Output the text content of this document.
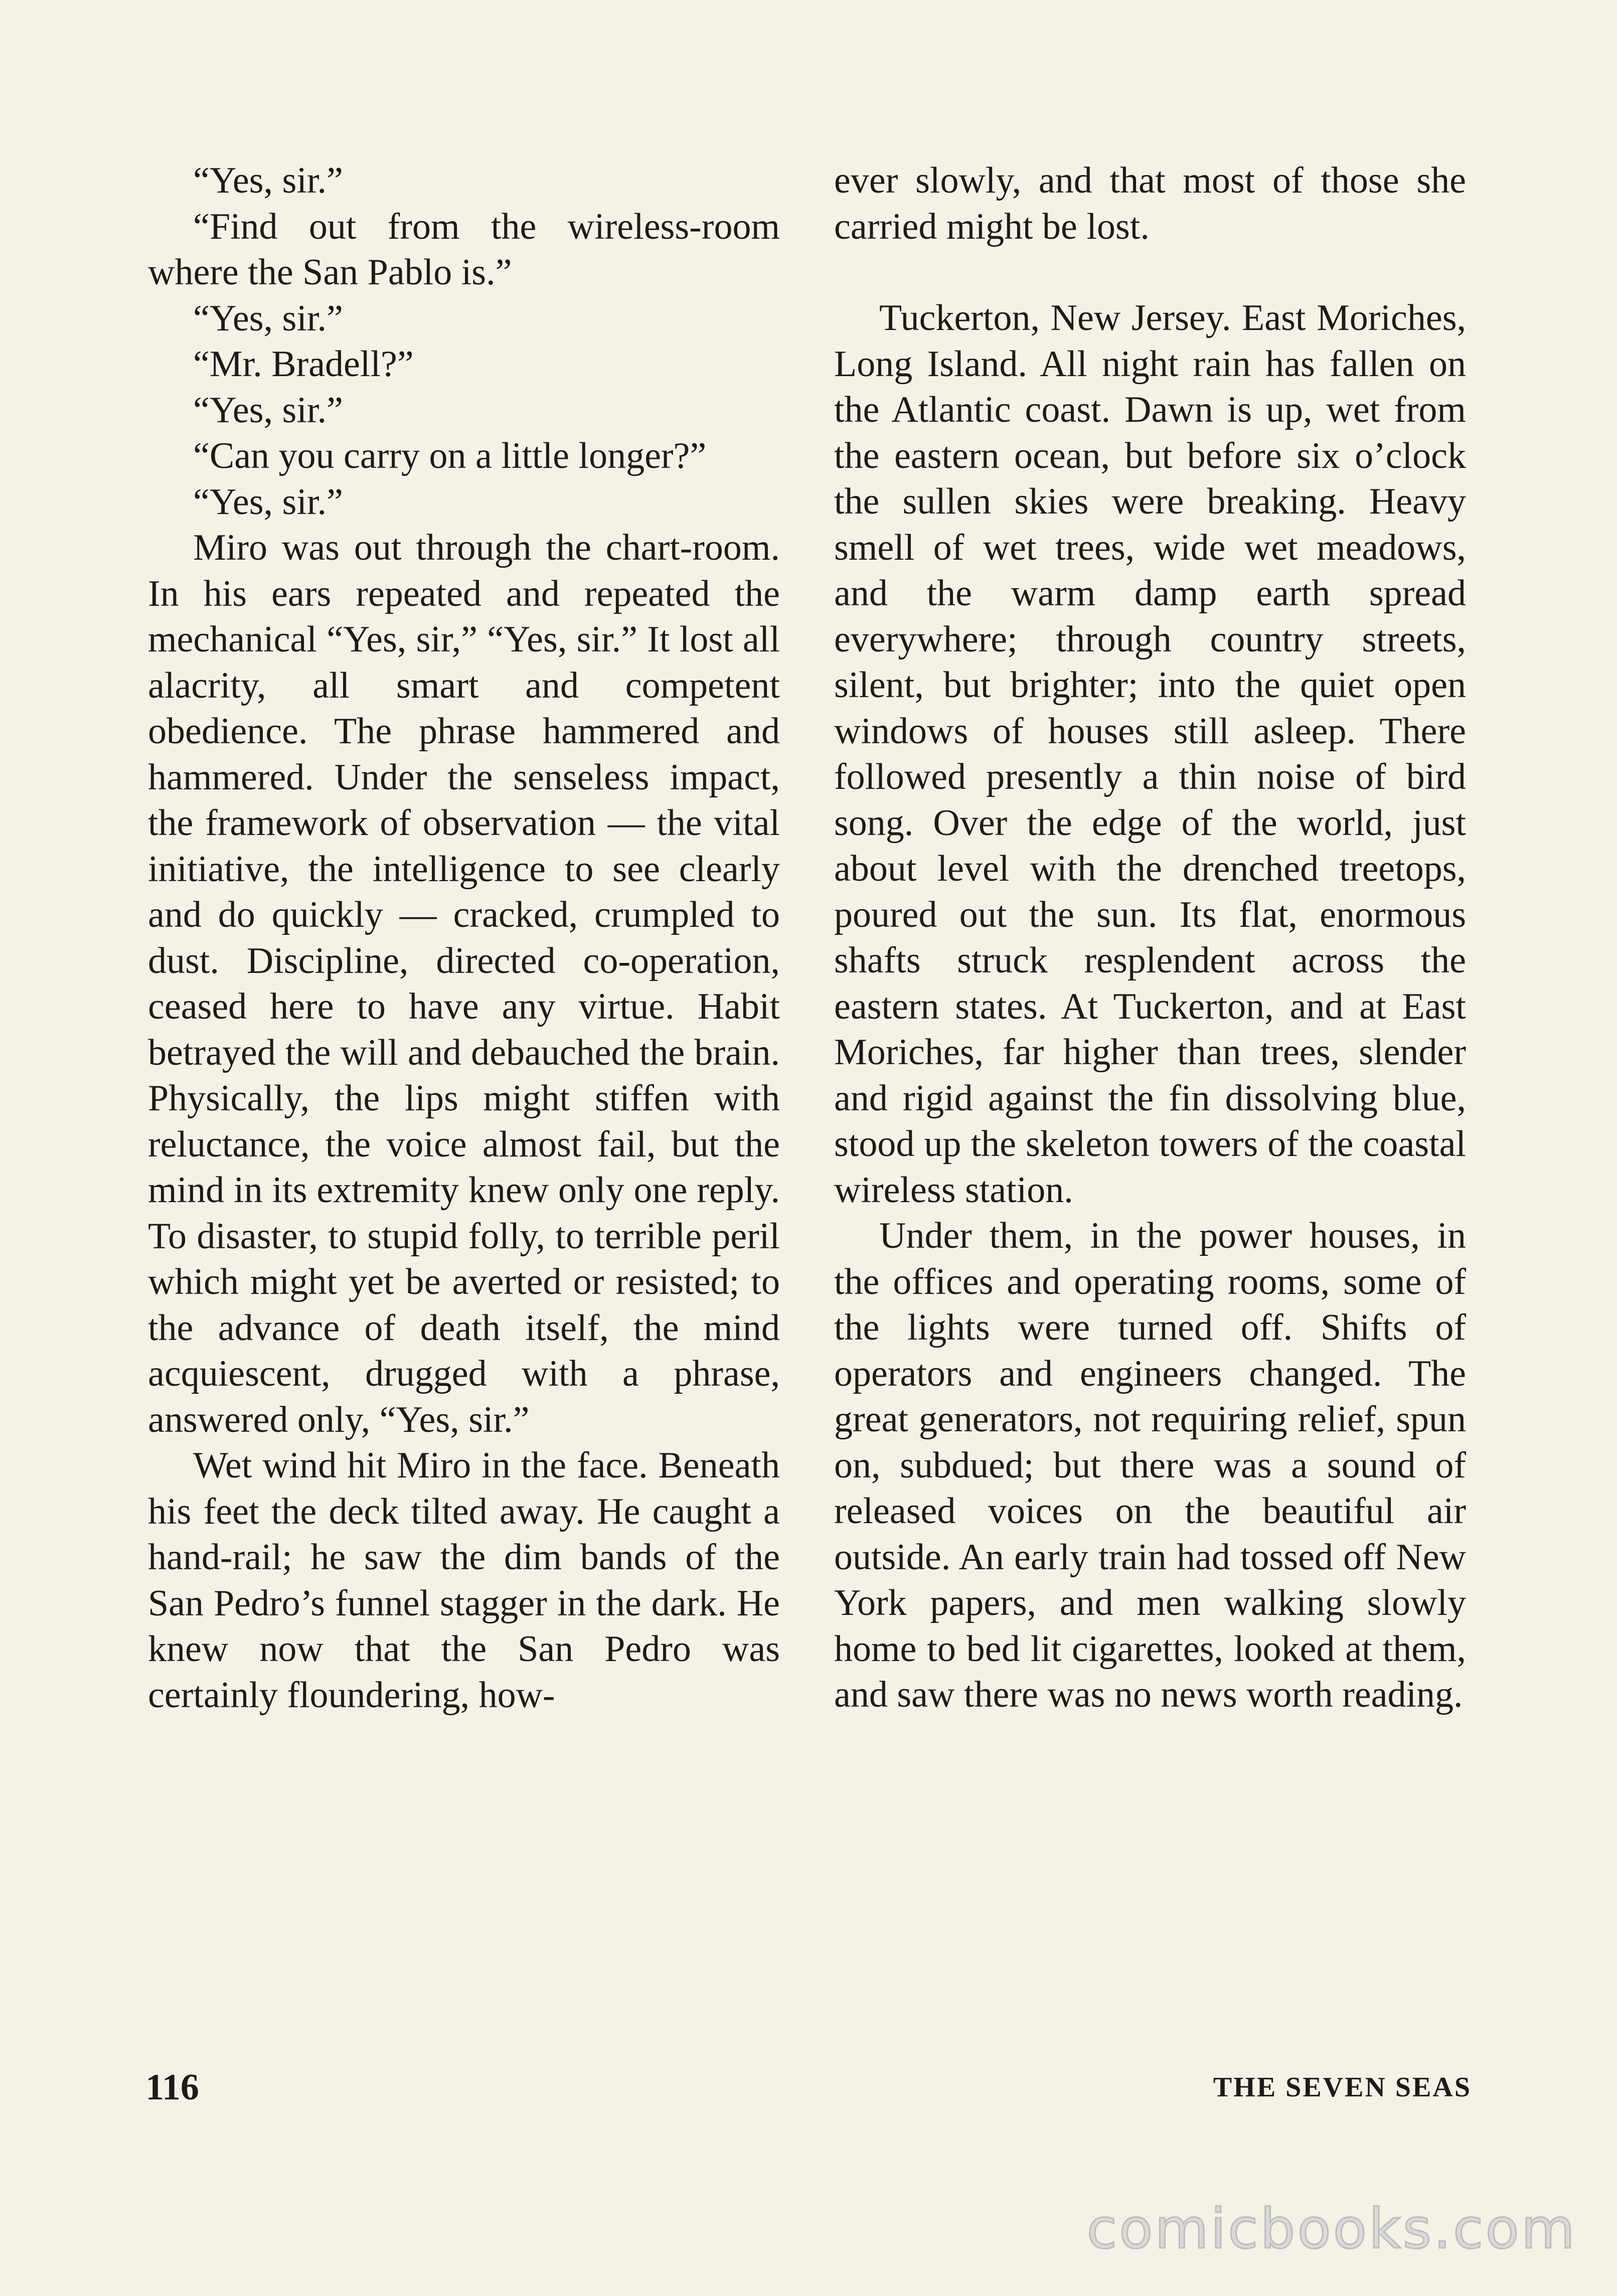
“Yes, sir.”

“Find out from the wireless-room where the San Pablo is.”

“Yes, sir.”

“Mr. Bradell?”

“Yes, sir.”

“Can you carry on a little longer?”

“Yes, sir.”

Miro was out through the chart-room. In his ears repeated and repeated the mechanical “Yes, sir,” “Yes, sir.” It lost all alacrity, all smart and competent obedience. The phrase hammered and hammered. Under the senseless impact, the framework of observation — the vital initiative, the intelligence to see clearly and do quickly — cracked, crumpled to dust. Discipline, directed co-operation, ceased here to have any virtue. Habit betrayed the will and debauched the brain. Physically, the lips might stiffen with reluctance, the voice almost fail, but the mind in its extremity knew only one reply. To disaster, to stupid folly, to terrible peril which might yet be averted or resisted; to the advance of death itself, the mind acquiescent, drugged with a phrase, answered only, “Yes, sir.”

Wet wind hit Miro in the face. Beneath his feet the deck tilted away. He caught a hand-rail; he saw the dim bands of the San Pedro’s funnel stagger in the dark. He knew now that the San Pedro was certainly floundering, how-

ever slowly, and that most of those she carried might be lost.

Tuckerton, New Jersey. East Moriches, Long Island. All night rain has fallen on the Atlantic coast. Dawn is up, wet from the eastern ocean, but before six o’clock the sullen skies were breaking. Heavy smell of wet trees, wide wet meadows, and the warm damp earth spread everywhere; through country streets, silent, but brighter; into the quiet open windows of houses still asleep. There followed presently a thin noise of bird song. Over the edge of the world, just about level with the drenched treetops, poured out the sun. Its flat, enormous shafts struck resplendent across the eastern states. At Tuckerton, and at East Moriches, far higher than trees, slender and rigid against the fin dissolving blue, stood up the skeleton towers of the coastal wireless station.

Under them, in the power houses, in the offices and operating rooms, some of the lights were turned off. Shifts of operators and engineers changed. The great generators, not requiring relief, spun on, subdued; but there was a sound of released voices on the beautiful air outside. An early train had tossed off New York papers, and men walking slowly home to bed lit cigarettes, looked at them, and saw there was no news worth reading.

116	THE SEVEN SEAS
comicbooks.com
